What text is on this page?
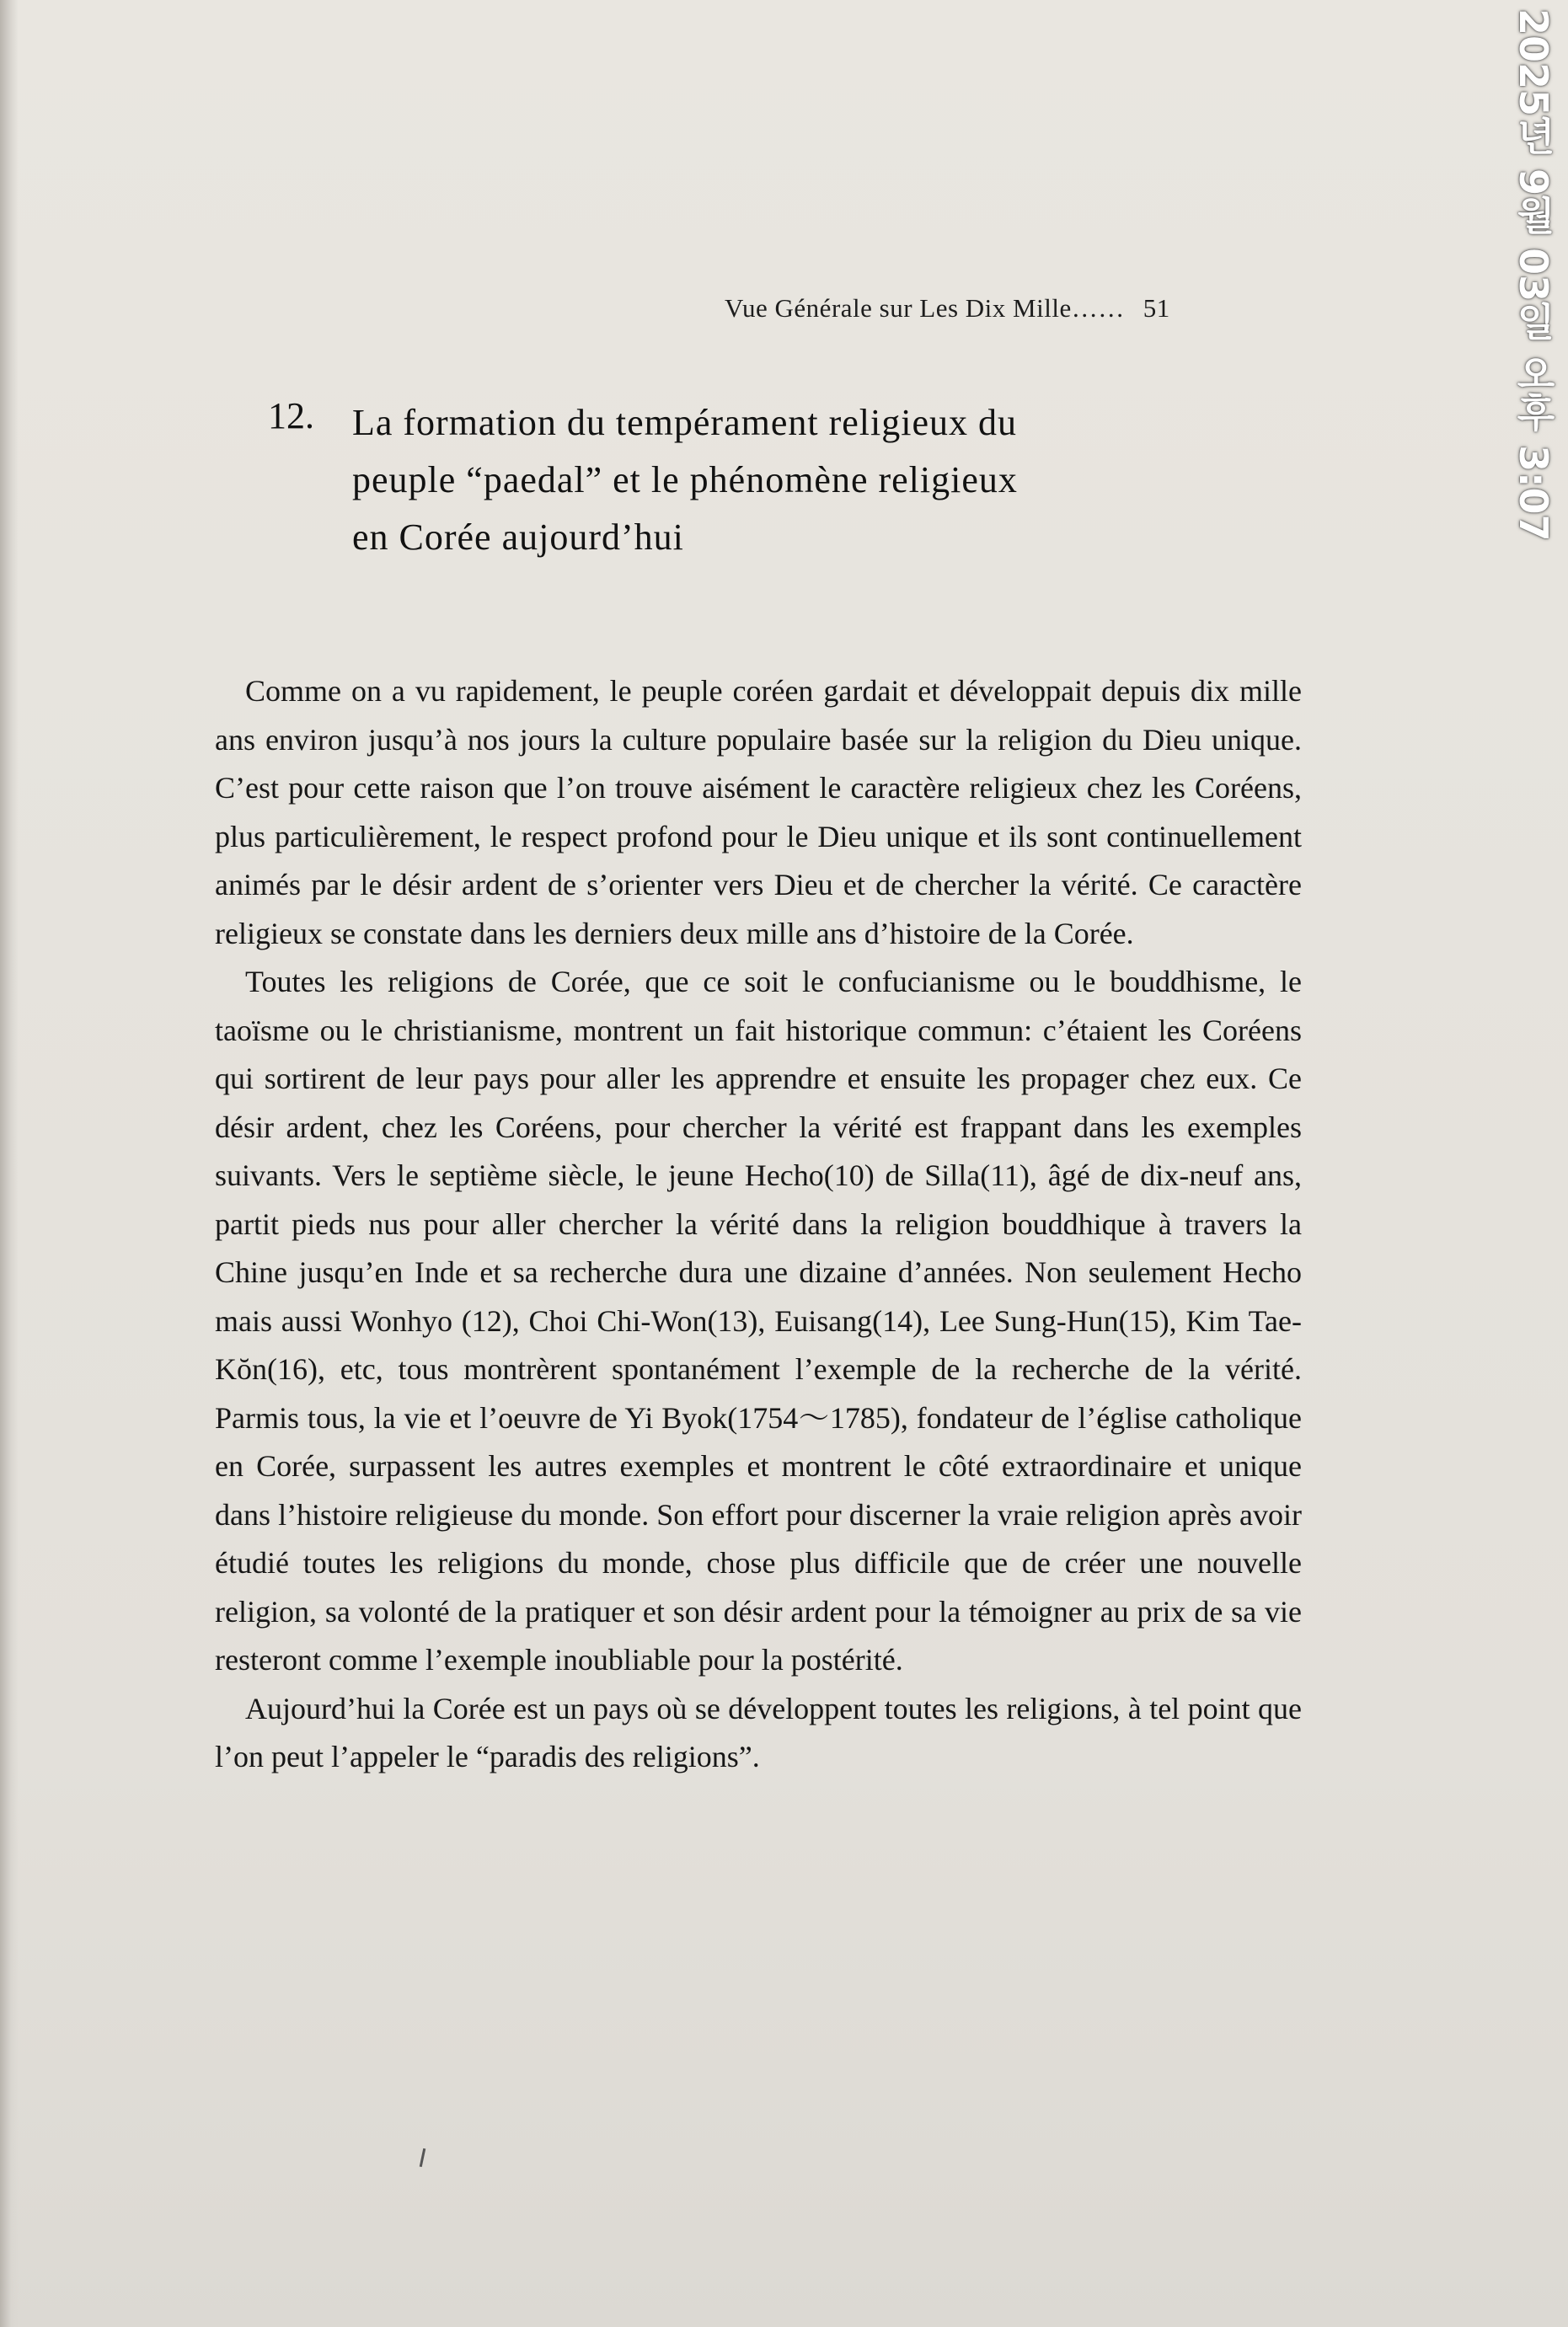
Vue Générale sur Les Dix Mille…… 51
12. La formation du tempérament religieux du
peuple “paedal” et le phénomène religieux
en Corée aujourd’hui

Comme on a vu rapidement, le peuple coréen gardait et développait depuis dix mille ans environ jusqu’à nos jours la culture populaire basée sur la religion du Dieu unique. C’est pour cette raison que l’on trouve aisément le caractère religieux chez les Coréens, plus particulièrement, le respect profond pour le Dieu unique et ils sont continuellement animés par le désir ardent de s’orienter vers Dieu et de chercher la vérité. Ce caractère religieux se constate dans les derniers deux mille ans d’histoire de la Corée.

Toutes les religions de Corée, que ce soit le confucianisme ou le bouddhisme, le taoïsme ou le christianisme, montrent un fait historique commun: c’étaient les Coréens qui sortirent de leur pays pour aller les apprendre et ensuite les propager chez eux. Ce désir ardent, chez les Coréens, pour chercher la vérité est frappant dans les exemples suivants. Vers le septième siècle, le jeune Hecho(10) de Silla(11), âgé de dix-neuf ans, partit pieds nus pour aller chercher la vérité dans la religion bouddhique à travers la Chine jusqu’en Inde et sa recherche dura une dizaine d’années. Non seulement Hecho mais aussi Wonhyo (12), Choi Chi-Won(13), Euisang(14), Lee Sung-Hun(15), Kim Tae-Kŏn(16), etc, tous montrèrent spontanément l’exemple de la recherche de la vérité. Parmis tous, la vie et l’oeuvre de Yi Byok(1754～1785), fondateur de l’église catholique en Corée, surpassent les autres exemples et montrent le côté extraordinaire et unique dans l’histoire religieuse du monde. Son effort pour discerner la vraie religion après avoir étudié toutes les religions du monde, chose plus difficile que de créer une nouvelle religion, sa volonté de la pratiquer et son désir ardent pour la témoigner au prix de sa vie resteront comme l’exemple inoubliable pour la postérité.

Aujourd’hui la Corée est un pays où se développent toutes les religions, à tel point que l’on peut l’appeler le “paradis des religions”.

2025년 9월 03일 오후 3:07
